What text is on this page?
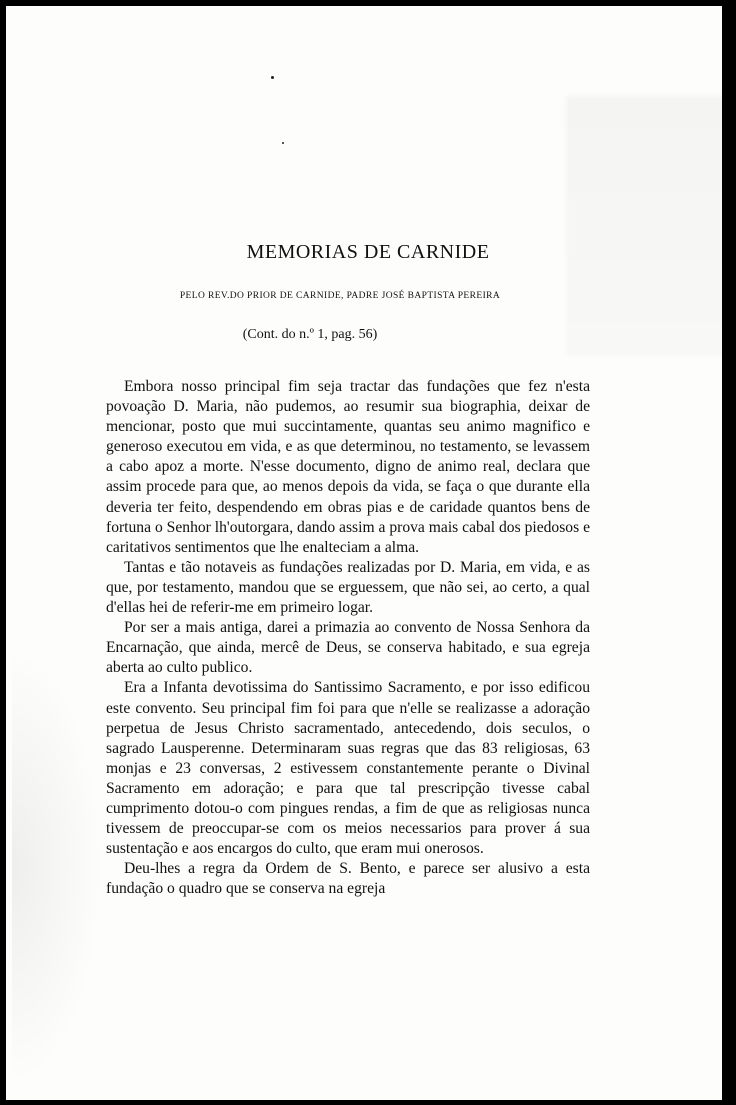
MEMORIAS DE CARNIDE

PELO REV.DO PRIOR DE CARNIDE, PADRE JOSÉ BAPTISTA PEREIRA

(Cont. do n.º 1, pag. 56)

Embora nosso principal fim seja tractar das fundações que fez n'esta povoação D. Maria, não pudemos, ao resumir sua biographia, deixar de mencionar, posto que mui succintamente, quantas seu animo magnifico e generoso executou em vida, e as que determinou, no testamento, se levassem a cabo apoz a morte. N'esse documento, digno de animo real, declara que assim procede para que, ao menos depois da vida, se faça o que durante ella deveria ter feito, despendendo em obras pias e de caridade quantos bens de fortuna o Senhor lh'outorgara, dando assim a prova mais cabal dos piedosos e caritativos sentimentos que lhe enalteciam a alma.

Tantas e tão notaveis as fundações realizadas por D. Maria, em vida, e as que, por testamento, mandou que se erguessem, que não sei, ao certo, a qual d'ellas hei de referir-me em primeiro logar.

Por ser a mais antiga, darei a primazia ao convento de Nossa Senhora da Encarnação, que ainda, mercê de Deus, se conserva habitado, e sua egreja aberta ao culto publico.

Era a Infanta devotissima do Santissimo Sacramento, e por isso edificou este convento. Seu principal fim foi para que n'elle se realizasse a adoração perpetua de Jesus Christo sacramentado, antecedendo, dois seculos, o sagrado Lausperenne. Determinaram suas regras que das 83 religiosas, 63 monjas e 23 conversas, 2 estivessem constantemente perante o Divinal Sacramento em adoração; e para que tal prescripção tivesse cabal cumprimento dotou-o com pingues rendas, a fim de que as religiosas nunca tivessem de preoccupar-se com os meios necessarios para prover á sua sustentação e aos encargos do culto, que eram mui onerosos.

Deu-lhes a regra da Ordem de S. Bento, e parece ser alusivo a esta fundação o quadro que se conserva na egreja
